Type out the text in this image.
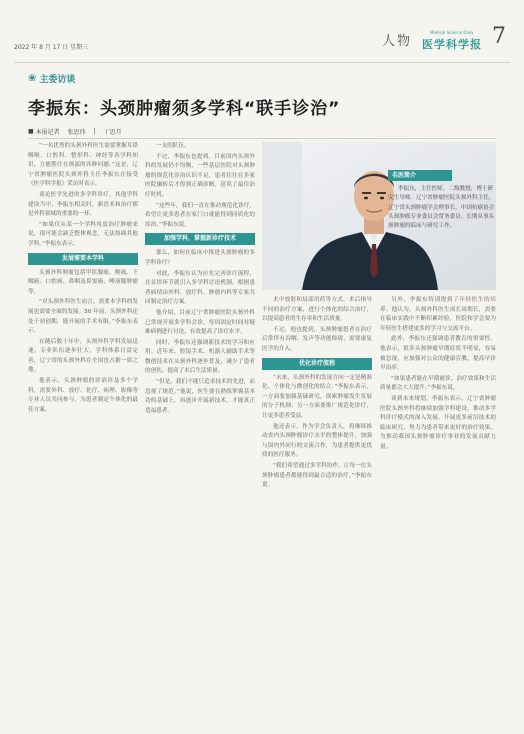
2022 年 8 月 17 日 星期三	人物
Medical Science Daily
医学科学报 7
❀ 主委访谈
李振东：头颈肿瘤须多学科“联手诊治”
■
本报记者 张思玮 | 丁思月

“一名优秀的头颈外科医生需要掌握耳鼻咽喉、口腔科、整形科、神经等各学科知识，方能胜任在颈部的各种问题。”这是，辽宁省肿瘤医院头颈外科主任李振东在接受《医学科学报》采访时表示。

谈论医学先进的多学科诊疗，其他学科建设当中，李振东相关时，新晋术和治疗都是外科领域的重要的一环。

“如果仅从某一个学科角度治疗肿瘤来说，很可能会缺乏整体观念，无法协调其他学科。”李振东表示。

发展需要本学科

头颈外科肿瘤包括甲状腺癌、喉癌、下咽癌、口腔癌、鼻咽及鼻窦癌、唾液腺肿瘤等。

“对头颈外科医生而言，需要本学科的发展也需要全面的发展。30 年前，头颈外科还处于初创期，能开展的手术有限。”李振东表示。

在随后数十年中，头颈外科学科发展迅速，专业队伍逐步壮大，学科体系日益完善，辽宁省的头颈外科在全国也占据一席之地。

他表示，头颈肿瘤的诊治涉及多个学科，需要外科、放疗、化疗、病理、影像等专业人员共同参与，为患者制定个体化的最佳方案。

一支的队伍。

不过，李振东也提到，目前国内头颈外科的发展仍不均衡，一些基层医院对头颈肿瘤的规范化诊治认识不足，患者往往在多家医院辗转后才得到正确诊断，延误了最佳治疗时机。

“这些年，我们一直在推动规范化诊疗，希望让更多患者在家门口就能得到同质化的诊治。”李振东说。

加强学科，掌握新诊疗技术

那么，如何在临床中推进头颈肿瘤的多学科诊疗？

对此，李振东认为应先完善诊疗流程，在首诊环节就引入多学科讨论机制，根据患者病情由外科、放疗科、肿瘤内科等专家共同制定治疗方案。

他介绍，目前辽宁省肿瘤医院头颈外科已常规开展多学科会诊，每周固定时间对疑难病例进行讨论，有效提高了诊疗水平。

同时，李振东还强调新技术的学习和应用。近年来，腔镜手术、机器人辅助手术等微创技术在头颈外科逐步普及，减少了患者的创伤，提高了术后生活质量。

“但是，我们不能只追求技术的先进，而忽视了规范。”他说，医生要在熟练掌握基本功的基础上，再逐步开展新技术，才能真正造福患者。

名医简介
李振东，主任医师，二级教授，博士研究生导师。辽宁省肿瘤医院头颈外科主任，辽宁省头颈肿瘤学会理事长，中国抗癌协会头颈肿瘤专业委员会常务委员。长期从事头颈肿瘤的临床与研究工作。

术中放射和局部用药等方式，术后指导不同的治疗方案，进行个体化的综合治疗，以提高患者的生存率和生活质量。

不过，他也提到，头颈肿瘤患者在治疗后常伴有吞咽、发声等功能障碍，需要康复医学的介入。

优化诊疗流程

“未来，头颈外科的发展方向一定是精准化、个体化与微创化的结合。”李振东表示，一方面要加强基础研究，探索肿瘤发生发展的分子机制；另一方面要推广规范化诊疗，让更多患者受益。

他还表示，作为学会负责人，将继续推动省内头颈肿瘤诊疗水平的整体提升，加强与国内外同行的交流合作，为患者提供更优质的医疗服务。

“我们希望通过多学科协作，让每一位头颈肿瘤患者都能得到最合适的治疗。”李振东说。

另外，李振东特别提到了年轻医生的培养。他认为，头颈外科医生成长周期长，需要在临床实践中不断积累经验，医院和学会要为年轻医生搭建更多的学习与交流平台。

此外，李振东还强调患者教育的重要性。他表示，很多头颈肿瘤早期症状不明显，容易被忽视，应加强对公众的健康宣教，提高早诊早治率。

“如果患者能在早期就诊，治疗效果和生活质量都会大大提升。”李振东说。

谈到未来规划，李振东表示，辽宁省肿瘤医院头颈外科将继续加强学科建设，推动多学科诊疗模式的深入发展，开展更多前沿技术的临床研究，努力为患者带来更好的治疗效果，为推动我国头颈肿瘤诊疗事业的发展贡献力量。
